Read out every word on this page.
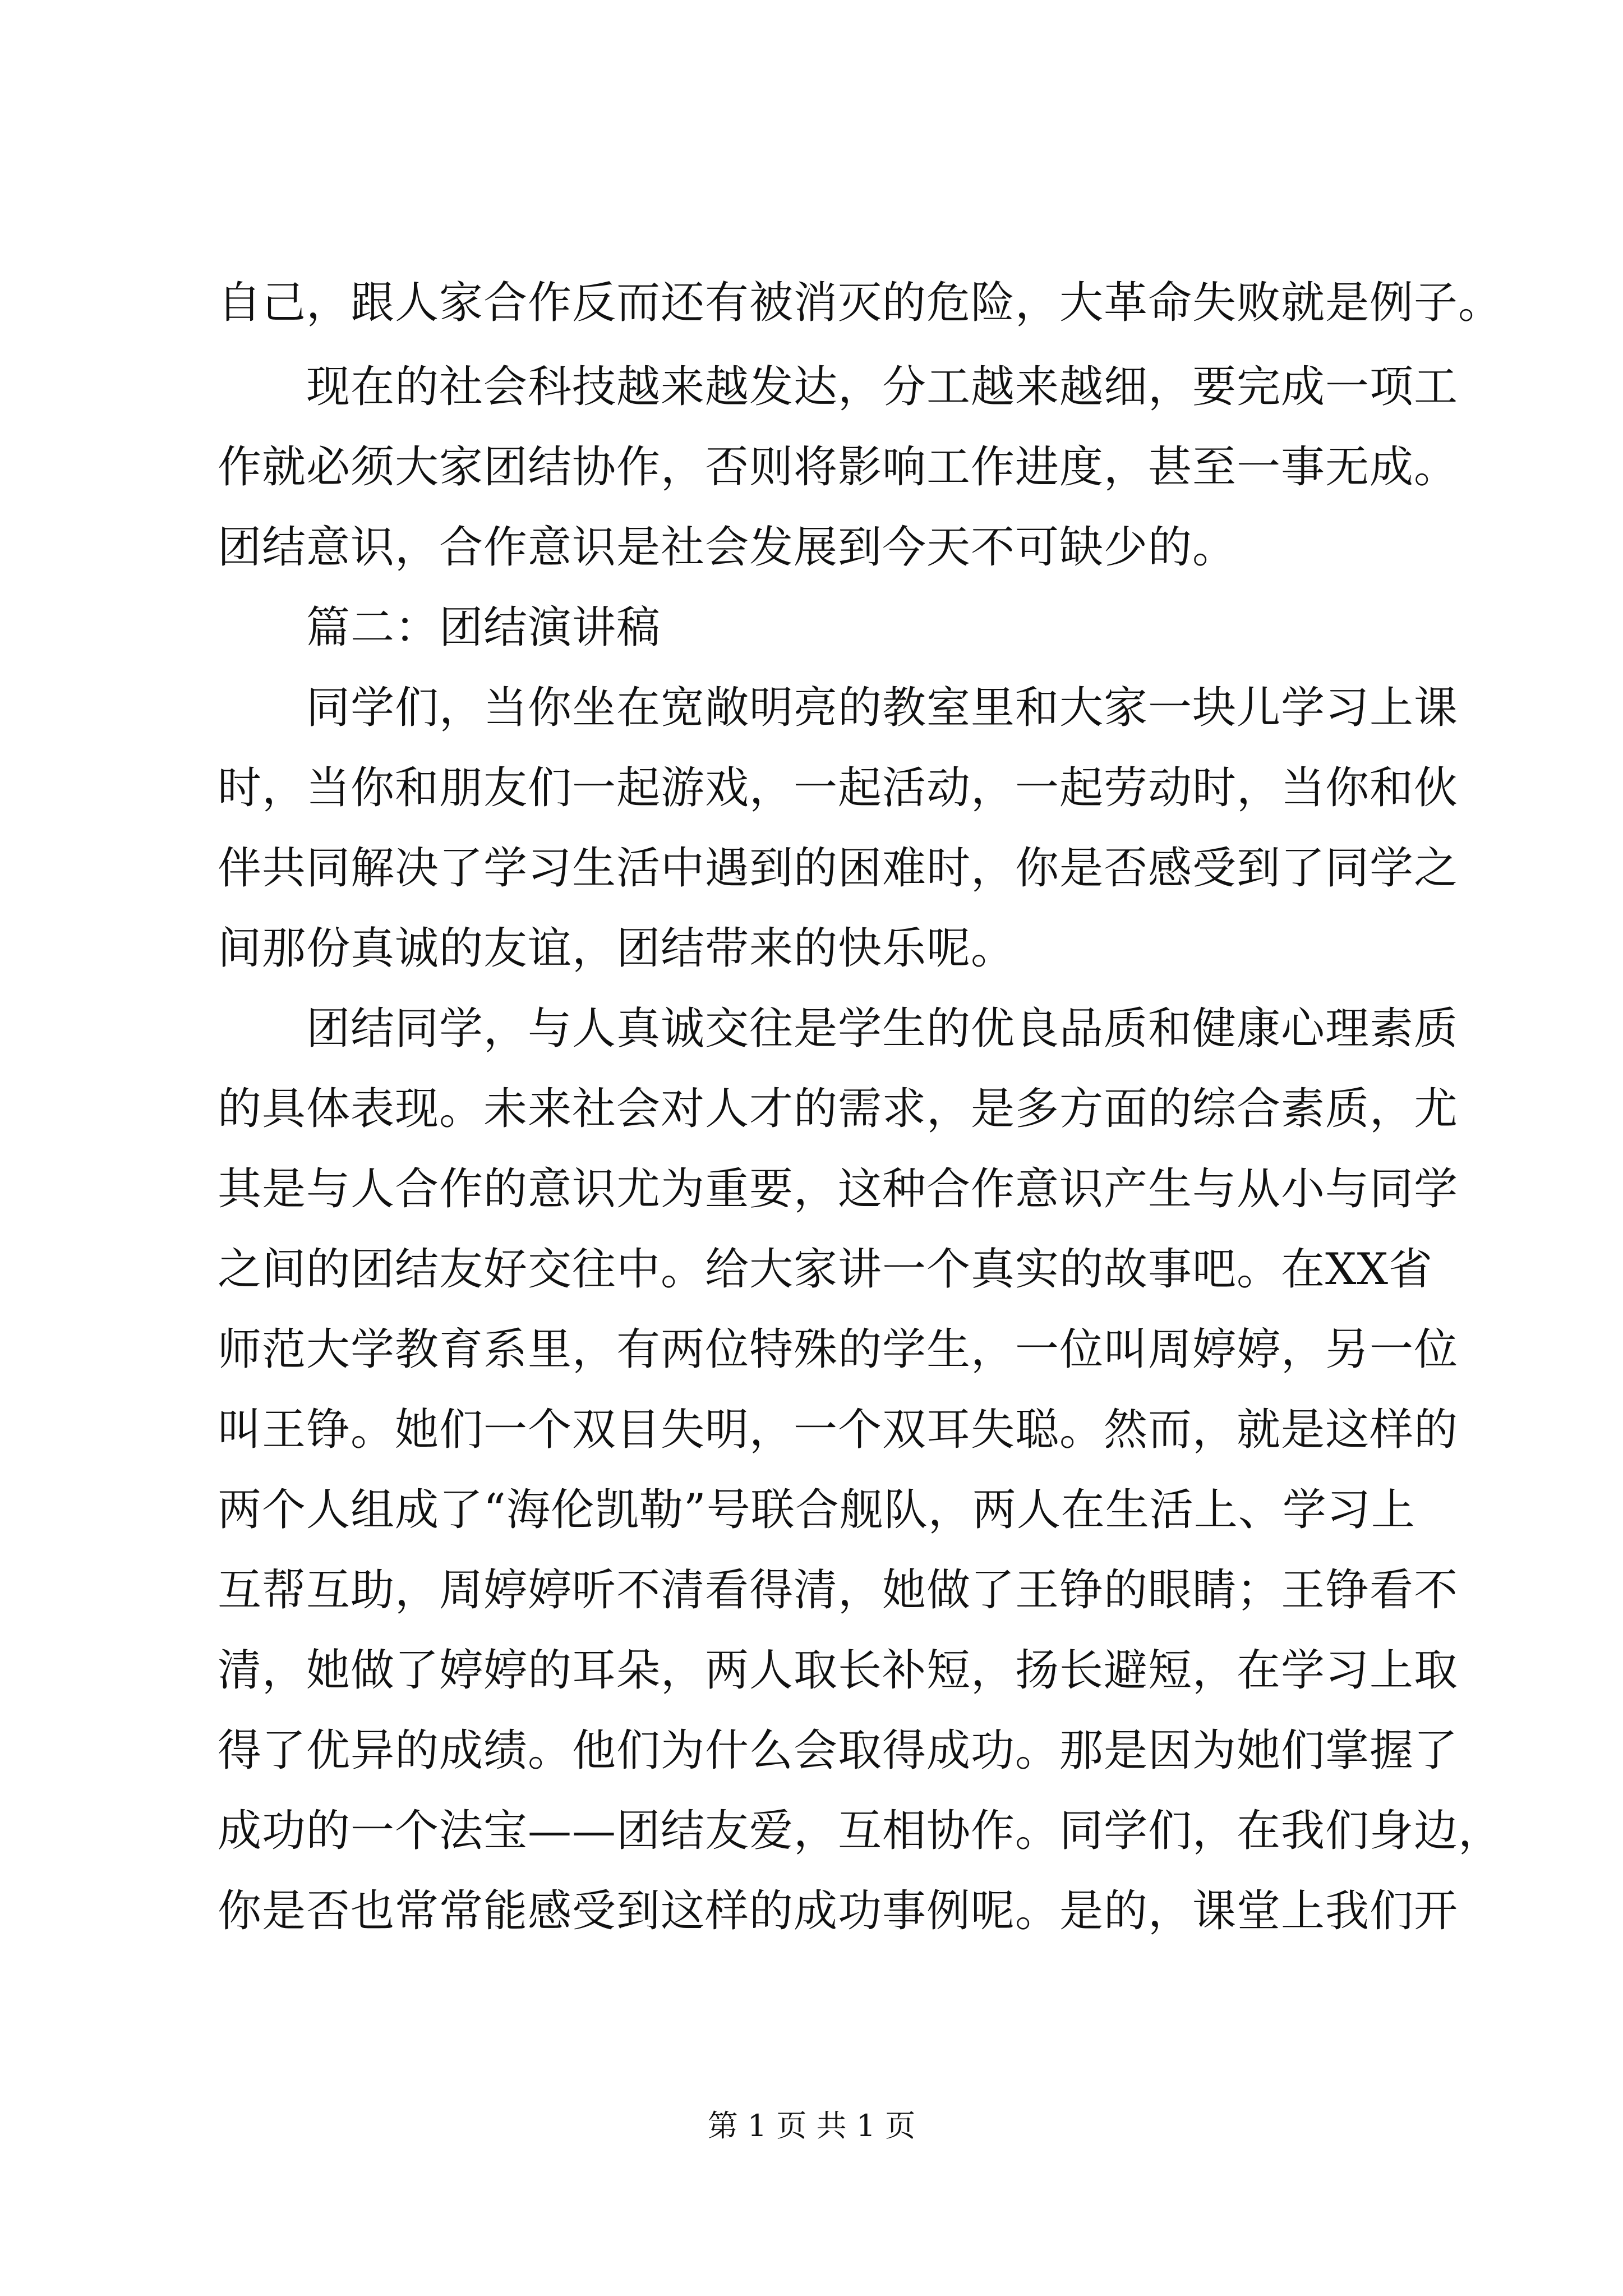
自己，跟人家合作反而还有被消灭的危险，大革命失败就是例子。
现在的社会科技越来越发达，分工越来越细，要完成一项工
作就必须大家团结协作，否则将影响工作进度，甚至一事无成。
团结意识，合作意识是社会发展到今天不可缺少的。
篇二：团结演讲稿
同学们，当你坐在宽敞明亮的教室里和大家一块儿学习上课
时，当你和朋友们一起游戏，一起活动，一起劳动时，当你和伙
伴共同解决了学习生活中遇到的困难时，你是否感受到了同学之
间那份真诚的友谊，团结带来的快乐呢。
团结同学，与人真诚交往是学生的优良品质和健康心理素质
的具体表现。未来社会对人才的需求，是多方面的综合素质，尤
其是与人合作的意识尤为重要，这种合作意识产生与从小与同学
之间的团结友好交往中。给大家讲一个真实的故事吧。在XX省
师范大学教育系里，有两位特殊的学生，一位叫周婷婷，另一位
叫王铮。她们一个双目失明，一个双耳失聪。然而，就是这样的
两个人组成了“海伦凯勒”号联合舰队，两人在生活上、学习上
互帮互助，周婷婷听不清看得清，她做了王铮的眼睛；王铮看不
清，她做了婷婷的耳朵，两人取长补短，扬长避短，在学习上取
得了优异的成绩。他们为什么会取得成功。那是因为她们掌握了
成功的一个法宝——团结友爱，互相协作。同学们，在我们身边，
你是否也常常能感受到这样的成功事例呢。是的，课堂上我们开
第 1 页 共 1 页
